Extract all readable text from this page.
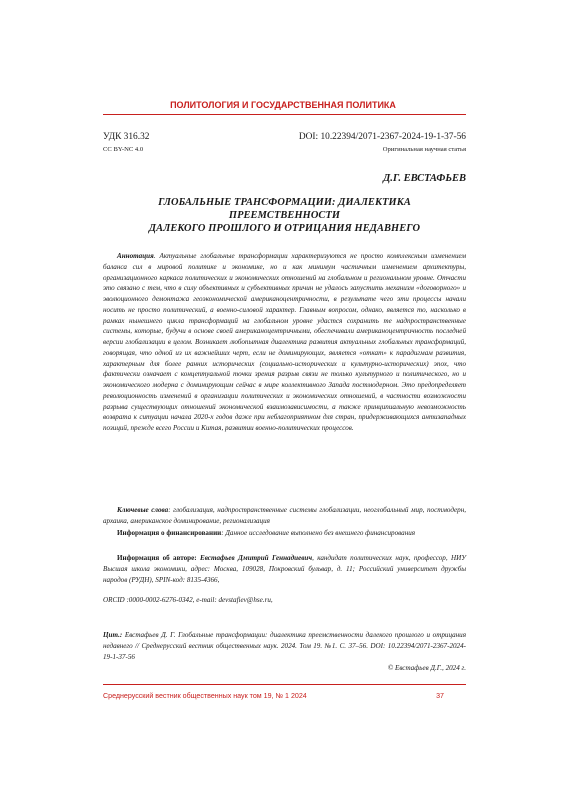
ПОЛИТОЛОГИЯ И ГОСУДАРСТВЕННАЯ ПОЛИТИКА
УДК 316.32	DOI: 10.22394/2071-2367-2024-19-1-37-56
CC BY-NC 4.0	Оригинальная научная статья
Д.Г. ЕВСТАФЬЕВ
ГЛОБАЛЬНЫЕ ТРАНСФОРМАЦИИ: ДИАЛЕКТИКА ПРЕЕМСТВЕННОСТИ
ДАЛЕКОГО ПРОШЛОГО И ОТРИЦАНИЯ НЕДАВНЕГО
Аннотация. Актуальные глобальные трансформации характеризуются не просто комплексным изменением баланса сил в мировой политике и экономике, но и как минимум частичным изменением архитектуры, организационного каркаса политических и экономических отношений на глобальном и региональном уровне. Отчасти это связано с тем, что в силу объективных и субъективных причин не удалось запустить механизм «договорного» и эволюционного демонтажа геоэкономической американоцентричности, в результате чего эти процессы начали носить не просто политический, а военно-силовой характер. Главным вопросом, однако, является то, насколько в рамках нынешнего цикла трансформаций на глобальном уровне удастся сохранить те надпространственные системы, которые, будучи в основе своей американоцентричными, обеспечивали американоцентричность последней версии глобализации в целом. Возникает любопытная диалектика развития актуальных глобальных трансформаций, говорящая, что одной из их важнейших черт, если не доминирующих, является «откат» к парадигмам развития, характерным для более ранних исторических (социально-исторических и культурно-исторических) эпох, что фактически означает с концептуальной точки зрения разрыв связи не только культурного и политического, но и экономического модерна с доминирующим сейчас в мире коллективного Запада постмодерном. Это предопределяет революционность изменений в организации политических и экономических отношений, в частности возможности разрыва существующих отношений экономической взаимозависимости, а также принципиальную невозможность возврата к ситуации начала 2020-х годов даже при неблагоприятном для стран, придерживающихся антизападных позиций, прежде всего России и Китая, развитии военно-политических процессов.
Ключевые слова: глобализация, надпространственные системы глобализации, неоглобальный мир, постмодерн, архаика, американское доминирование, регионализация
Информация о финансировании: Данное исследование выполнено без внешнего финансирования
Информация об авторе: Евстафьев Дмитрий Геннадиевич, кандидат политических наук, профессор, НИУ Высшая школа экономики, адрес: Москва, 109028, Покровский бульвар, д. 11; Российский университет дружбы народов (РУДН), SPIN-код: 8135-4366,
ORCID :0000-0002-6276-0342, e-mail: devstafiev@hse.ru,
Цит.: Евстафьев Д. Г. Глобальные трансформации: диалектика преемственности далекого прошлого и отрицания недавнего // Среднерусский вестник общественных наук. 2024. Том 19. №1. С. 37–56. DOI: 10.22394/2071-2367-2024-19-1-37-56
© Евстафьев Д.Г., 2024 г.
Среднерусский вестник общественных наук том 19, № 1 2024	37
